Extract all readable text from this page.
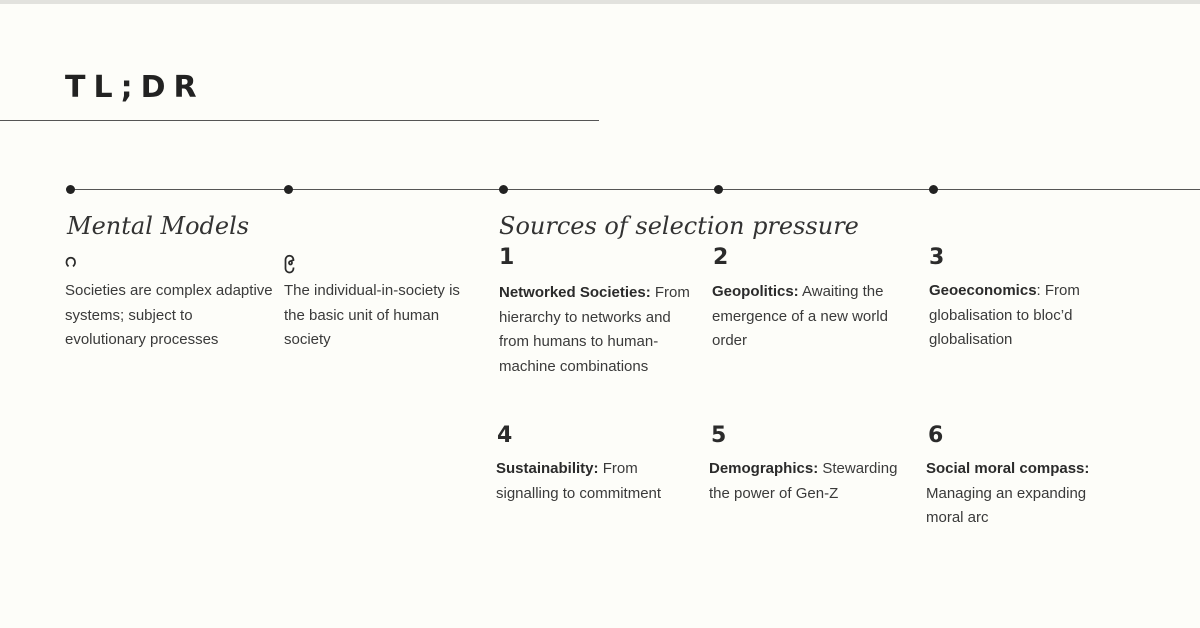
TL;DR
Mental Models	Sources of selection pressure
ဂ

Societies are complex adaptive systems; subject to evolutionary processes

၉

The individual-in-society is the basic unit of human society

1

Networked Societies: From hierarchy to networks and from humans to human-machine combinations

2

Geopolitics: Awaiting the emergence of a new world order

3

Geoeconomics: From globalisation to bloc’d globalisation

4

Sustainability: From signalling to commitment

5

Demographics: Stewarding the power of Gen-Z

6

Social moral compass: Managing an expanding moral arc
